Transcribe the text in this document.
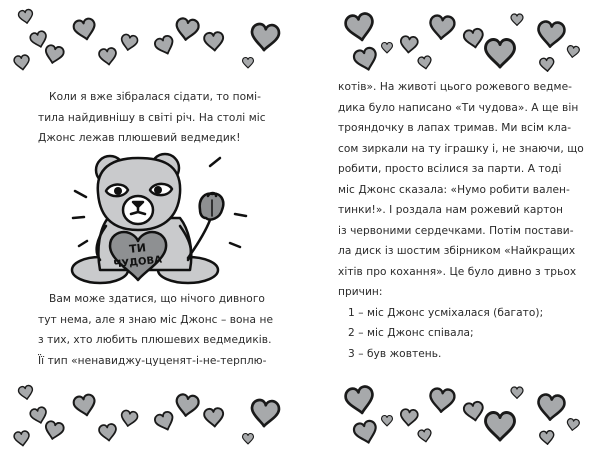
Коли я вже зібралася сідати, то помі-
тила найдивнішу в світі річ. На столі міс
Джонс лежав плюшевий ведмедик!
ТИ
ЧУДОВА
Вам може здатися, що нічого дивного
тут нема, але я знаю міс Джонс – вона не
з тих, хто любить плюшевих ведмедиків.
Її тип «ненавиджу-цуценят-і-не-терплю-
котів». На животі цього рожевого ведме-
дика було написано «Ти чудова». А ще він
трояндочку в лапах тримав. Ми всім кла-
сом зиркали на ту іграшку і, не знаючи, що
робити, просто всілися за парти. А тоді
міс Джонс сказала: «Нумо робити вален-
тинки!». І роздала нам рожевий картон
із червоними сердечками. Потім постави-
ла диск із шостим збірником «Найкращих
хітів про кохання». Це було дивно з трьох
причин:
1 – міс Джонс усміхалася (багато);
2 – міс Джонс співала;
3 – був жовтень.
